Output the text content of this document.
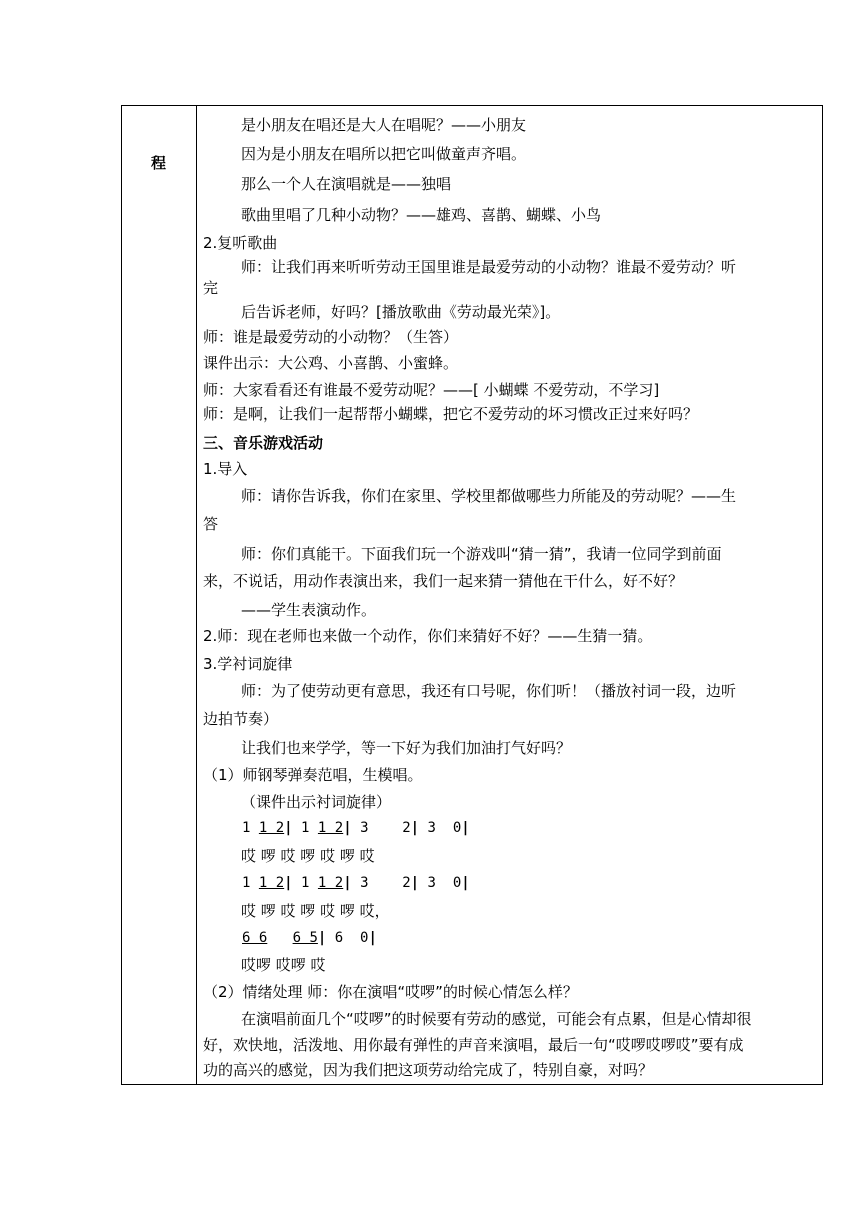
程
是小朋友在唱还是大人在唱呢？——小朋友
因为是小朋友在唱所以把它叫做童声齐唱。
那么一个人在演唱就是——独唱
歌曲里唱了几种小动物？——雄鸡、喜鹊、蝴蝶、小鸟
2.复听歌曲
师：让我们再来听听劳动王国里谁是最爱劳动的小动物？谁最不爱劳动？听
完
后告诉老师，好吗？[播放歌曲《劳动最光荣》]。
师：谁是最爱劳动的小动物？（生答）
课件出示：大公鸡、小喜鹊、小蜜蜂。
师：大家看看还有谁最不爱劳动呢？——[ 小蝴蝶 不爱劳动，不学习]
师：是啊，让我们一起帮帮小蝴蝶，把它不爱劳动的坏习惯改正过来好吗？
三、音乐游戏活动
1.导入
师：请你告诉我，你们在家里、学校里都做哪些力所能及的劳动呢？——生
答
师：你们真能干。下面我们玩一个游戏叫“猜一猜”，我请一位同学到前面
来，不说话，用动作表演出来，我们一起来猜一猜他在干什么，好不好？
——学生表演动作。
2.师：现在老师也来做一个动作，你们来猜好不好？——生猜一猜。
3.学衬词旋律
师：为了使劳动更有意思，我还有口号呢，你们听！（播放衬词一段，边听
边拍节奏）
让我们也来学学，等一下好为我们加油打气好吗？
（1）师钢琴弹奏范唱，生模唱。
（课件出示衬词旋律）
1 1 2| 1 1 2| 3    2| 3  0|
哎 啰 哎 啰 哎 啰 哎
1 1 2| 1 1 2| 3    2| 3  0|
哎 啰 哎 啰 哎 啰 哎，
6 6 6 5| 6  0|
哎啰 哎啰 哎
（2）情绪处理 师：你在演唱“哎啰”的时候心情怎么样？
在演唱前面几个“哎啰”的时候要有劳动的感觉，可能会有点累，但是心情却很
好，欢快地，活泼地、用你最有弹性的声音来演唱，最后一句“哎啰哎啰哎”要有成
功的高兴的感觉，因为我们把这项劳动给完成了，特别自豪，对吗？
